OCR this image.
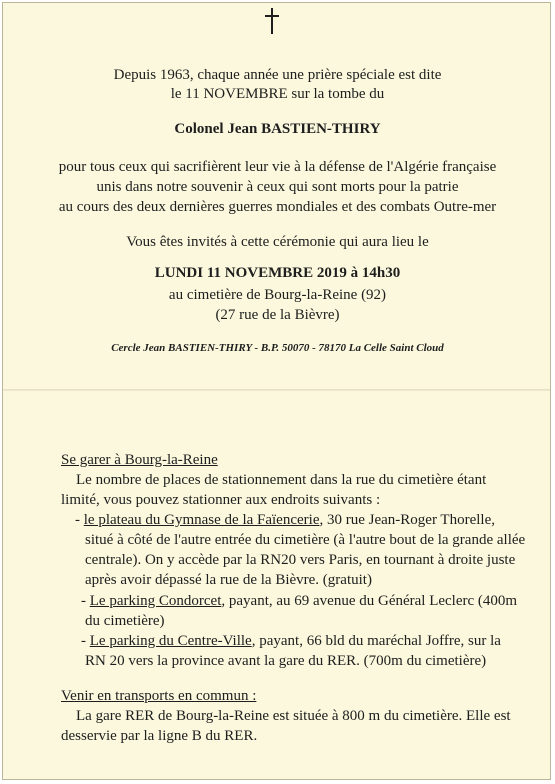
Depuis 1963, chaque année une prière spéciale est dite
le 11 NOVEMBRE sur la tombe du
Colonel Jean BASTIEN-THIRY
pour tous ceux qui sacrifièrent leur vie à la défense de l'Algérie française
unis dans notre souvenir à ceux qui sont morts pour la patrie
au cours des deux dernières guerres mondiales et des combats Outre-mer
Vous êtes invités à cette cérémonie qui aura lieu le
LUNDI 11 NOVEMBRE 2019 à 14h30
au cimetière de Bourg-la-Reine (92)
(27 rue de la Bièvre)
Cercle Jean BASTIEN-THIRY - B.P. 50070 - 78170 La Celle Saint Cloud
Se garer à Bourg-la-Reine
Le nombre de places de stationnement dans la rue du cimetière étant
limité, vous pouvez stationner aux endroits suivants :
- le plateau du Gymnase de la Faïencerie, 30 rue Jean-Roger Thorelle,
situé à côté de l'autre entrée du cimetière (à l'autre bout de la grande allée
centrale). On y accède par la RN20 vers Paris, en tournant à droite juste
après avoir dépassé la rue de la Bièvre. (gratuit)
- Le parking Condorcet, payant, au 69 avenue du Général Leclerc (400m
du cimetière)
- Le parking du Centre-Ville, payant, 66 bld du maréchal Joffre, sur la
RN 20 vers la province avant la gare du RER. (700m du cimetière)
Venir en transports en commun :
La gare RER de Bourg-la-Reine est située à 800 m du cimetière. Elle est
desservie par la ligne B du RER.
